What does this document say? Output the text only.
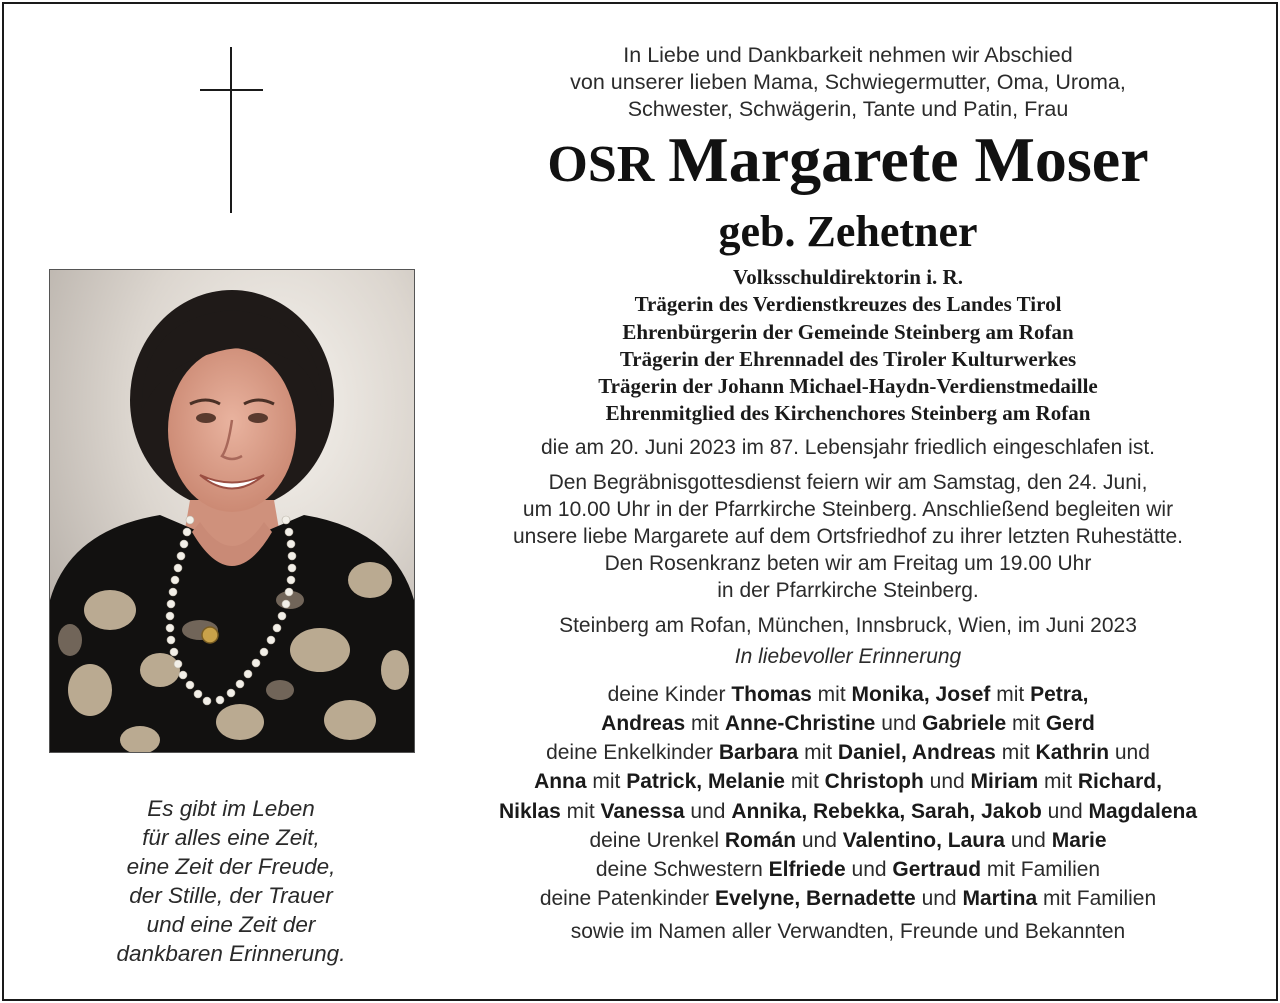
Es gibt im Leben
für alles eine Zeit,
eine Zeit der Freude,
der Stille, der Trauer
und eine Zeit der
dankbaren Erinnerung.
In Liebe und Dankbarkeit nehmen wir Abschied
von unserer lieben Mama, Schwiegermutter, Oma, Uroma,
Schwester, Schwägerin, Tante und Patin, Frau
OSR Margarete Moser
geb. Zehetner
Volksschuldirektorin i. R.
Trägerin des Verdienstkreuzes des Landes Tirol
Ehrenbürgerin der Gemeinde Steinberg am Rofan
Trägerin der Ehrennadel des Tiroler Kulturwerkes
Trägerin der Johann Michael-Haydn-Verdienstmedaille
Ehrenmitglied des Kirchenchores Steinberg am Rofan
die am 20. Juni 2023 im 87. Lebensjahr friedlich eingeschlafen ist.
Den Begräbnisgottesdienst feiern wir am Samstag, den 24. Juni,
um 10.00 Uhr in der Pfarrkirche Steinberg. Anschließend begleiten wir
unsere liebe Margarete auf dem Ortsfriedhof zu ihrer letzten Ruhestätte.
Den Rosenkranz beten wir am Freitag um 19.00 Uhr
in der Pfarrkirche Steinberg.
Steinberg am Rofan, München, Innsbruck, Wien, im Juni 2023
In liebevoller Erinnerung
deine Kinder Thomas mit Monika, Josef mit Petra,
Andreas mit Anne-Christine und Gabriele mit Gerd
deine Enkelkinder Barbara mit Daniel, Andreas mit Kathrin und
Anna mit Patrick, Melanie mit Christoph und Miriam mit Richard,
Niklas mit Vanessa und Annika, Rebekka, Sarah, Jakob und Magdalena
deine Urenkel Román und Valentino, Laura und Marie
deine Schwestern Elfriede und Gertraud mit Familien
deine Patenkinder Evelyne, Bernadette und Martina mit Familien
sowie im Namen aller Verwandten, Freunde und Bekannten
